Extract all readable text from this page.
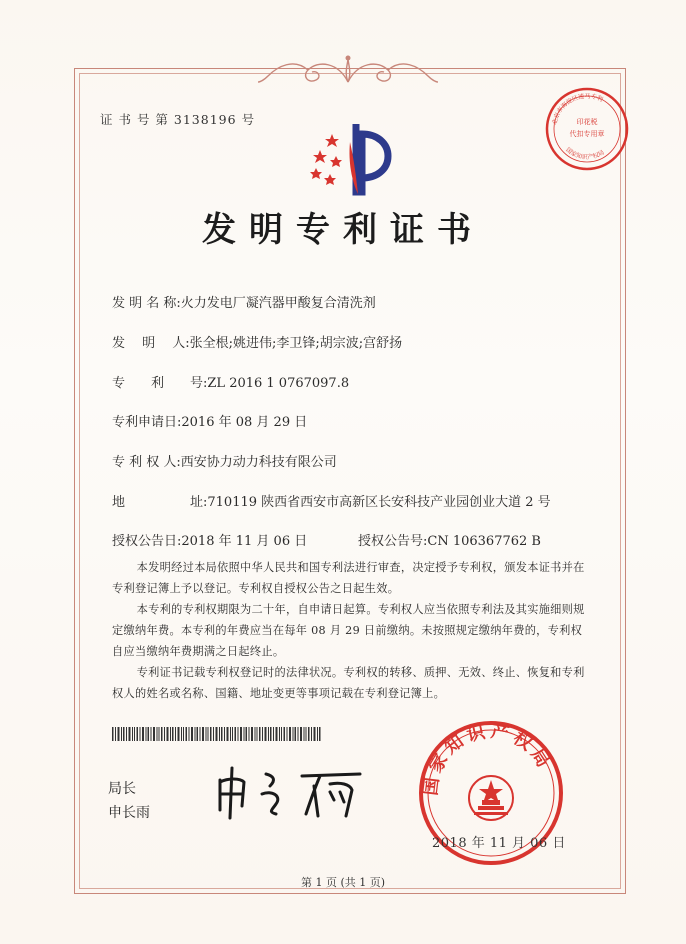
证 书 号 第 3138196 号	印花税
代扣专用章
北京市海淀区速马专利
国家知识产权局
发明专利证书
发 明 名 称:火力发电厂凝汽器甲酸复合清洗剂
发　 明　 人:张全根;姚进伟;李卫锋;胡宗波;宫舒扬
专　　利　　号:ZL 2016 1 0767097.8
专利申请日:2016 年 08 月 29 日
专 利 权 人:西安协力动力科技有限公司
地　　　　　址:710119 陕西省西安市高新区长安科技产业园创业大道 2 号
授权公告日:2018 年 11 月 06 日	授权公告号:CN 106367762 B

本发明经过本局依照中华人民共和国专利法进行审查，决定授予专利权，颁发本证书并在专利登记簿上予以登记。专利权自授权公告之日起生效。

本专利的专利权期限为二十年，自申请日起算。专利权人应当依照专利法及其实施细则规定缴纳年费。本专利的年费应当在每年 08 月 29 日前缴纳。未按照规定缴纳年费的，专利权自应当缴纳年费期满之日起终止。

专利证书记载专利权登记时的法律状况。专利权的转移、质押、无效、终止、恢复和专利权人的姓名或名称、国籍、地址变更等事项记载在专利登记簿上。

局长
申长雨
国家知识产权局
2018 年 11 月 06 日
第 1 页 (共 1 页)
